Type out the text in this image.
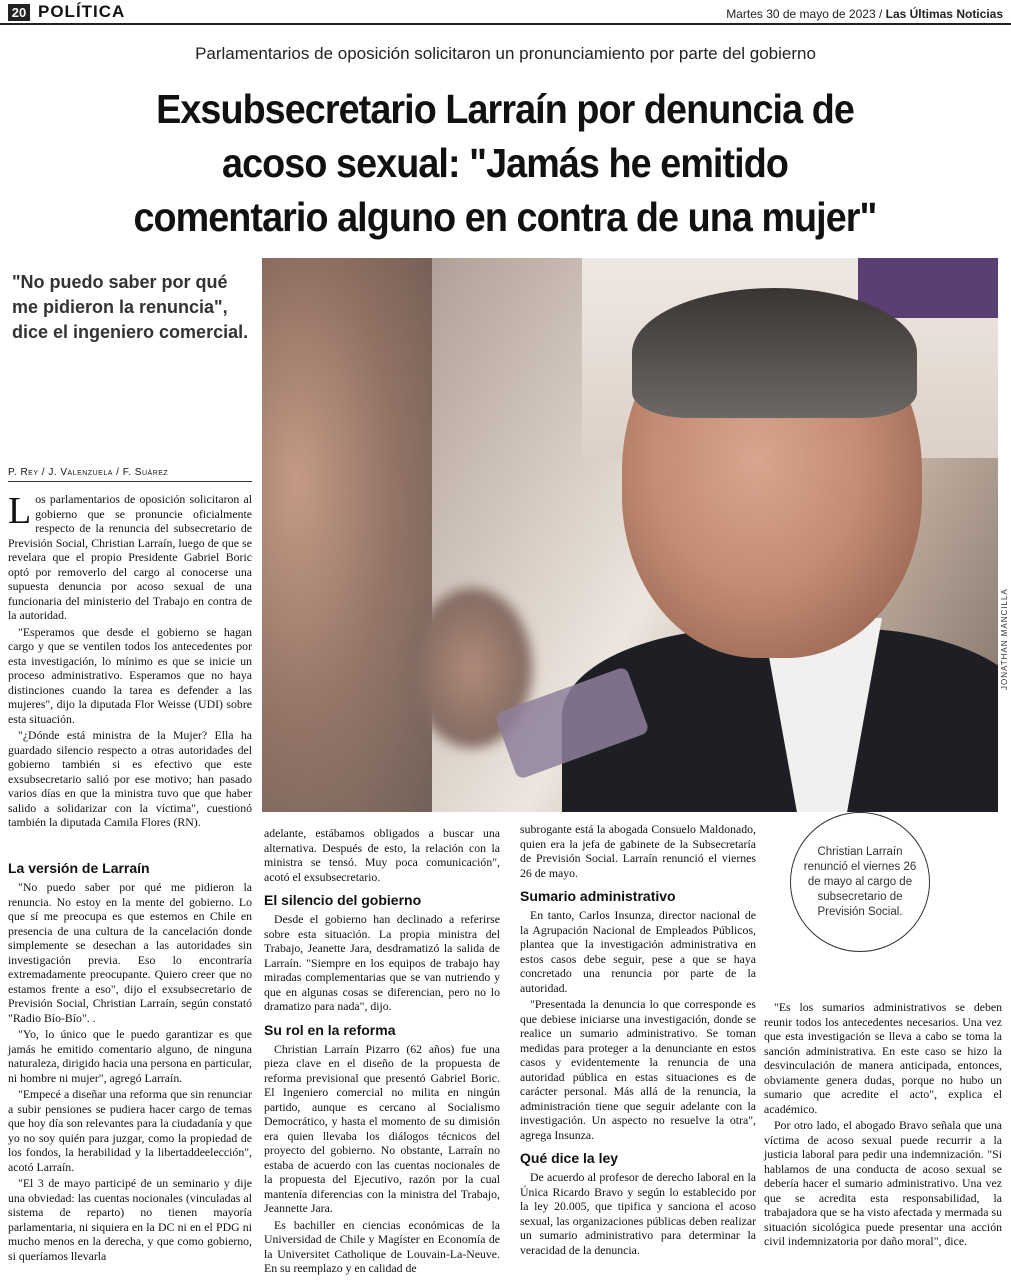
20 POLÍTICA	Martes 30 de mayo de 2023 / Las Últimas Noticias
Parlamentarios de oposición solicitaron un pronunciamiento por parte del gobierno
Exsubsecretario Larraín por denuncia de
acoso sexual: "Jamás he emitido
comentario alguno en contra de una mujer"
"No puedo saber por qué me pidieron la renuncia", dice el ingeniero comercial.
JONATHAN MANCILLA
Christian Larraín renunció el viernes 26 de mayo al cargo de subsecretario de Previsión Social.
P. Rey / J. Valenzuela / F. Suárez

Los parlamentarios de oposición solicitaron al gobierno que se pronuncie oficialmente respecto de la renuncia del subsecretario de Previsión Social, Christian Larraín, luego de que se revelara que el propio Presidente Gabriel Boric optó por removerlo del cargo al conocerse una supuesta denuncia por acoso sexual de una funcionaria del ministerio del Trabajo en contra de la autoridad.

"Esperamos que desde el gobierno se hagan cargo y que se ventilen todos los antecedentes por esta investigación, lo mínimo es que se inicie un proceso administrativo. Esperamos que no haya distinciones cuando la tarea es defender a las mujeres", dijo la diputada Flor Weisse (UDI) sobre esta situación.

"¿Dónde está ministra de la Mujer? Ella ha guardado silencio respecto a otras autoridades del gobierno también si es efectivo que este exsubsecretario salió por ese motivo; han pasado varios días en que la ministra tuvo que que haber salido a solidarizar con la víctima", cuestionó también la diputada Camila Flores (RN).

La versión de Larraín

"No puedo saber por qué me pidieron la renuncia. No estoy en la mente del gobierno. Lo que sí me preocupa es que estemos en Chile en presencia de una cultura de la cancelación donde simplemente se desechan a las autoridades sin investigación previa. Eso lo encontraría extremadamente preocupante. Quiero creer que no estamos frente a eso", dijo el exsubsecretario de Previsión Social, Christian Larraín, según constató "Radio Bío-Bío". .

"Yo, lo único que le puedo garantizar es que jamás he emitido comentario alguno, de ninguna naturaleza, dirigido hacia una persona en particular, ni hombre ni mujer", agregó Larraín.

"Empecé a diseñar una reforma que sin renunciar a subir pensiones se pudiera hacer cargo de temas que hoy día son relevantes para la ciudadanía y que yo no soy quién para juzgar, como la propiedad de los fondos, la herabilidad y la libertaddeelección", acotó Larraín.

"El 3 de mayo participé de un seminario y dije una obviedad: las cuentas nocionales (vinculadas al sistema de reparto) no tienen mayoría parlamentaria, ni siquiera en la DC ni en el PDG ni mucho menos en la derecha, y que como gobierno, si queríamos llevarla

adelante, estábamos obligados a buscar una alternativa. Después de esto, la relación con la ministra se tensó. Muy poca comunicación", acotó el exsubsecretario.

El silencio del gobierno

Desde el gobierno han declinado a referirse sobre esta situación. La propia ministra del Trabajo, Jeanette Jara, desdramatizó la salida de Larraín. "Siempre en los equipos de trabajo hay miradas complementarias que se van nutriendo y que en algunas cosas se diferencian, pero no lo dramatizo para nada", dijo.

Su rol en la reforma

Christian Larraín Pizarro (62 años) fue una pieza clave en el diseño de la propuesta de reforma previsional que presentó Gabriel Boric. El Ingeniero comercial no milita en ningún partido, aunque es cercano al Socialismo Democrático, y hasta el momento de su dimisión era quien llevaba los diálogos técnicos del proyecto del gobierno. No obstante, Larraín no estaba de acuerdo con las cuentas nocionales de la propuesta del Ejecutivo, razón por la cual mantenía diferencias con la ministra del Trabajo, Jeannette Jara.

Es bachiller en ciencias económicas de la Universidad de Chile y Magíster en Economía de la Universitet Catholique de Louvain-La-Neuve. En su reemplazo y en calidad de

subrogante está la abogada Consuelo Maldonado, quien era la jefa de gabinete de la Subsecretaría de Previsión Social. Larraín renunció el viernes 26 de mayo.

Sumario administrativo

En tanto, Carlos Insunza, director nacional de la Agrupación Nacional de Empleados Públicos, plantea que la investigación administrativa en estos casos debe seguir, pese a que se haya concretado una renuncia por parte de la autoridad.

"Presentada la denuncia lo que corresponde es que debiese iniciarse una investigación, donde se realice un sumario administrativo. Se toman medidas para proteger a la denunciante en estos casos y evidentemente la renuncia de una autoridad pública en estas situaciones es de carácter personal. Más allá de la renuncia, la administración tiene que seguir adelante con la investigación. Un aspecto no resuelve la otra", agrega Insunza.

Qué dice la ley

De acuerdo al profesor de derecho laboral en la Única Ricardo Bravo y según lo establecido por la ley 20.005, que tipifica y sanciona el acoso sexual, las organizaciones públicas deben realizar un sumario administrativo para determinar la veracidad de la denuncia.

"Es los sumarios administrativos se deben reunir todos los antecedentes necesarios. Una vez que esta investigación se lleva a cabo se toma la sanción administrativa. En este caso se hizo la desvinculación de manera anticipada, entonces, obviamente genera dudas, porque no hubo un sumario que acredite el acto", explica el académico.

Por otro lado, el abogado Bravo señala que una víctima de acoso sexual puede recurrir a la justicia laboral para pedir una indemnización. "Si hablamos de una conducta de acoso sexual se debería hacer el sumario administrativo. Una vez que se acredita esta responsabilidad, la trabajadora que se ha visto afectada y mermada su situación sicológica puede presentar una acción civil indemnizatoria por daño moral", dice.
